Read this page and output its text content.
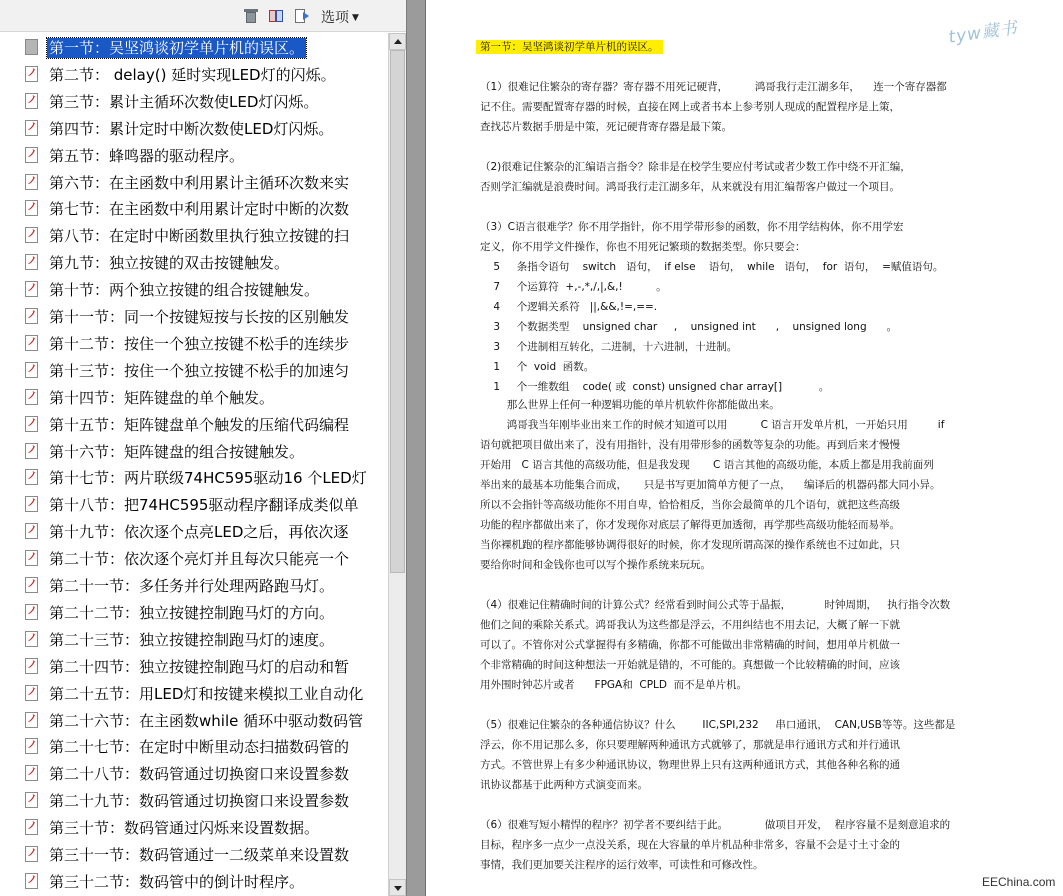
选项 ▼
第一节：吴坚鸿谈初学单片机的误区。
ノ 第二节： delay() 延时实现LED灯的闪烁。
ノ 第三节：累计主循环次数使LED灯闪烁。
ノ 第四节：累计定时中断次数使LED灯闪烁。
ノ 第五节：蜂鸣器的驱动程序。
ノ 第六节：在主函数中利用累计主循环次数来实
ノ 第七节：在主函数中利用累计定时中断的次数
ノ 第八节：在定时中断函数里执行独立按键的扫
ノ 第九节：独立按键的双击按键触发。
ノ 第十节：两个独立按键的组合按键触发。
ノ 第十一节：同一个按键短按与长按的区别触发
ノ 第十二节：按住一个独立按键不松手的连续步
ノ 第十三节：按住一个独立按键不松手的加速匀
ノ 第十四节：矩阵键盘的单个触发。
ノ 第十五节：矩阵键盘单个触发的压缩代码编程
ノ 第十六节：矩阵键盘的组合按键触发。
ノ 第十七节：两片联级74HC595驱动16 个LED灯
ノ 第十八节：把74HC595驱动程序翻译成类似单
ノ 第十九节：依次逐个点亮LED之后，再依次逐
ノ 第二十节：依次逐个亮灯并且每次只能亮一个
ノ 第二十一节：多任务并行处理两路跑马灯。
ノ 第二十二节：独立按键控制跑马灯的方向。
ノ 第二十三节：独立按键控制跑马灯的速度。
ノ 第二十四节：独立按键控制跑马灯的启动和暂
ノ 第二十五节：用LED灯和按键来模拟工业自动化
ノ 第二十六节：在主函数while 循环中驱动数码管
ノ 第二十七节：在定时中断里动态扫描数码管的
ノ 第二十八节：数码管通过切换窗口来设置参数
ノ 第二十九节：数码管通过切换窗口来设置参数
ノ 第三十节：数码管通过闪烁来设置数据。
ノ 第三十一节：数码管通过一二级菜单来设置数
ノ 第三十二节：数码管中的倒计时程序。
tyw藏书
第一节：吴坚鸿谈初学单片机的误区。
（1）很难记住繁杂的寄存器？寄存器不用死记硬背，        鸿哥我行走江湖多年，    连一个寄存器都
记不住。需要配置寄存器的时候，直接在网上或者书本上参考别人现成的配置程序是上策，
查找芯片数据手册是中策，死记硬背寄存器是最下策。
（2)很难记住繁杂的汇编语言指令？除非是在校学生要应付考试或者少数工作中绕不开汇编，
否则学汇编就是浪费时间。鸿哥我行走江湖多年，从来就没有用汇编帮客户做过一个项目。
（3）C语言很难学？你不用学指针，你不用学带形参的函数，你不用学结构体，你不用学宏
定义，你不用学文件操作，你也不用死记繁琐的数据类型。你只要会：
5     条指令语句    switch   语句，  if else    语句，  while   语句，  for  语句，  =赋值语句。
7     个运算符  +,-,*,/,|,&,!          。
4     个逻辑关系符   ||,&&,!=,==.
3     个数据类型    unsigned char     ,    unsigned int      ,    unsigned long      。
3     个进制相互转化，二进制，十六进制，十进制。
1     个  void  函数。
1     个一维数组    code( 或  const) unsigned char array[]           。
那么世界上任何一种逻辑功能的单片机软件你都能做出来。
鸿哥我当年刚毕业出来工作的时候才知道可以用          C 语言开发单片机，一开始只用         if
语句就把项目做出来了，没有用指针，没有用带形参的函数等复杂的功能。再到后来才慢慢
开始用   C 语言其他的高级功能，但是我发现       C 语言其他的高级功能，本质上都是用我前面列
举出来的最基本功能集合而成，     只是书写更加简单方便了一点，    编译后的机器码都大同小异。
所以不会指针等高级功能你不用自卑，恰恰相反，当你会最简单的几个语句，就把这些高级
功能的程序都做出来了，你才发现你对底层了解得更加透彻，再学那些高级功能轻而易举。
当你裸机跑的程序都能够协调得很好的时候，你才发现所谓高深的操作系统也不过如此，只
要给你时间和金钱你也可以写个操作系统来玩玩。
（4）很难记住精确时间的计算公式？经常看到时间公式等于晶振，          时钟周期，   执行指令次数
他们之间的乘除关系式。鸿哥我认为这些都是浮云，不用纠结也不用去记，大概了解一下就
可以了。不管你对公式掌握得有多精确，你都不可能做出非常精确的时间，想用单片机做一
个非常精确的时间这种想法一开始就是错的，不可能的。真想做一个比较精确的时间，应该
用外围时钟芯片或者      FPGA和  CPLD  而不是单片机。
（5）很难记住繁杂的各种通信协议？什么        IIC,SPI,232     串口通讯，  CAN,USB等等。这些都是
浮云，你不用记那么多，你只要理解两种通讯方式就够了，那就是串行通讯方式和并行通讯
方式。不管世界上有多少种通讯协议，物理世界上只有这两种通讯方式，其他各种名称的通
讯协议都基于此两种方式演变而来。
（6）很难写短小精悍的程序？初学者不要纠结于此。           做项目开发，  程序容量不是刻意追求的
目标，程序多一点少一点没关系，现在大容量的单片机品种非常多，容量不会是寸土寸金的
事情，我们更加要关注程序的运行效率，可读性和可修改性。
EEChina.com
